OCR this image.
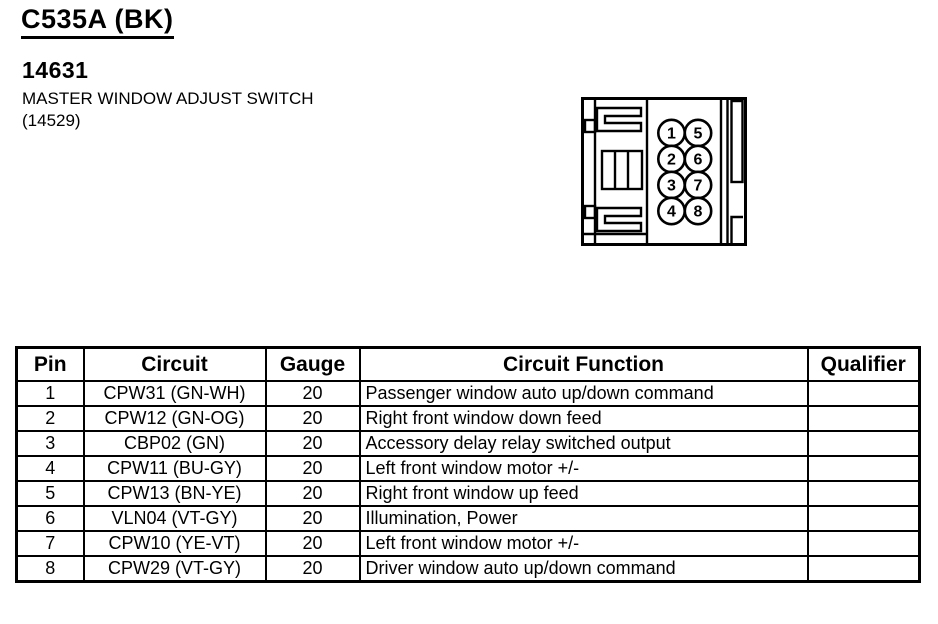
C535A (BK)
14631
MASTER WINDOW ADJUST SWITCH
(14529)
1
2
3
4
5
6
7
8
Pin	Circuit	Gauge	Circuit Function	Qualifier
1	CPW31 (GN-WH)	20	Passenger window auto up/down command	
2	CPW12 (GN-OG)	20	Right front window down feed	
3	CBP02 (GN)	20	Accessory delay relay switched output	
4	CPW11 (BU-GY)	20	Left front window motor +/-	
5	CPW13 (BN-YE)	20	Right front window up feed	
6	VLN04 (VT-GY)	20	Illumination, Power	
7	CPW10 (YE-VT)	20	Left front window motor +/-	
8	CPW29 (VT-GY)	20	Driver window auto up/down command	
